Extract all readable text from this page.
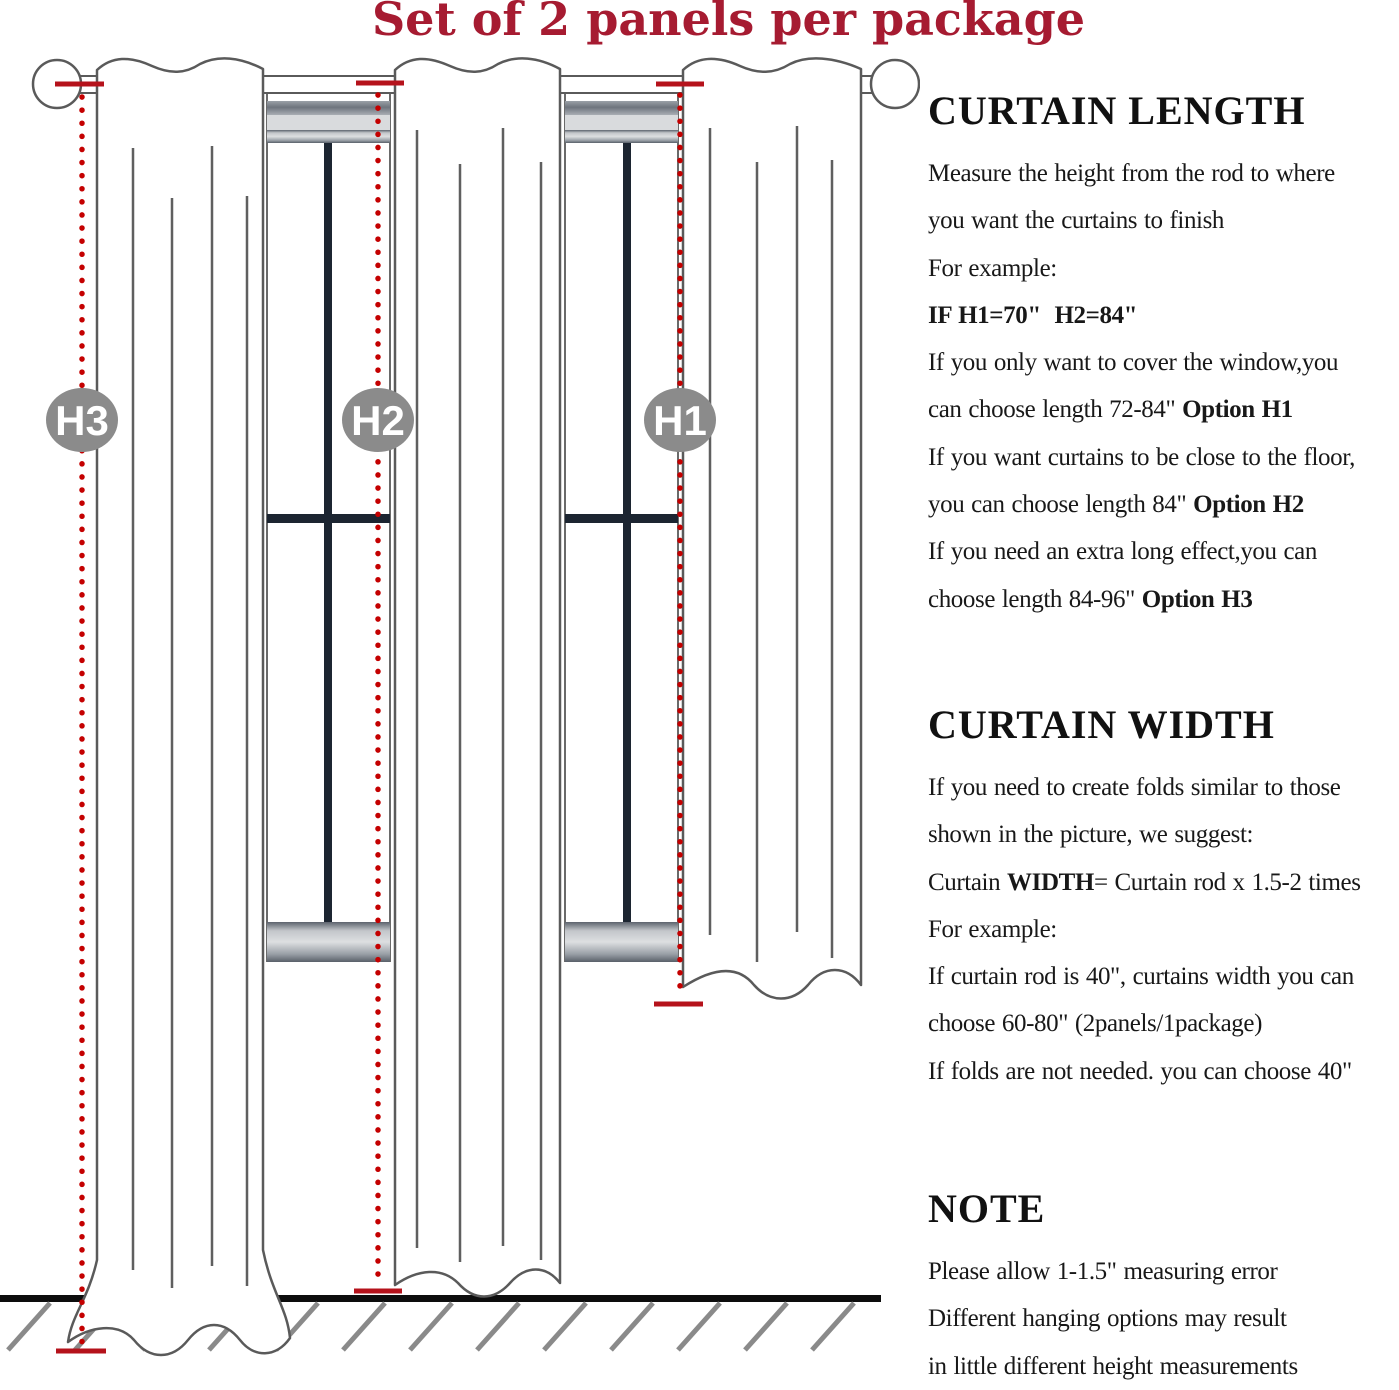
H3	H2	H1
Set of 2 panels per package
CURTAIN LENGTH
Measure the height from the rod to where
you want the curtains to finish
For example:
IF H1=70"  H2=84"
If you only want to cover the window,you
can choose length 72-84" Option H1
If you want curtains to be close to the floor,
you can choose length 84" Option H2
If you need an extra long effect,you can
choose length 84-96" Option H3
CURTAIN WIDTH
If you need to create folds similar to those
shown in the picture, we suggest:
Curtain WIDTH= Curtain rod x 1.5-2 times
For example:
If curtain rod is 40", curtains width you can
choose 60-80" (2panels/1package)
If folds are not needed. you can choose 40"
NOTE
Please allow 1-1.5" measuring error
Different hanging options may result
in little different height measurements
